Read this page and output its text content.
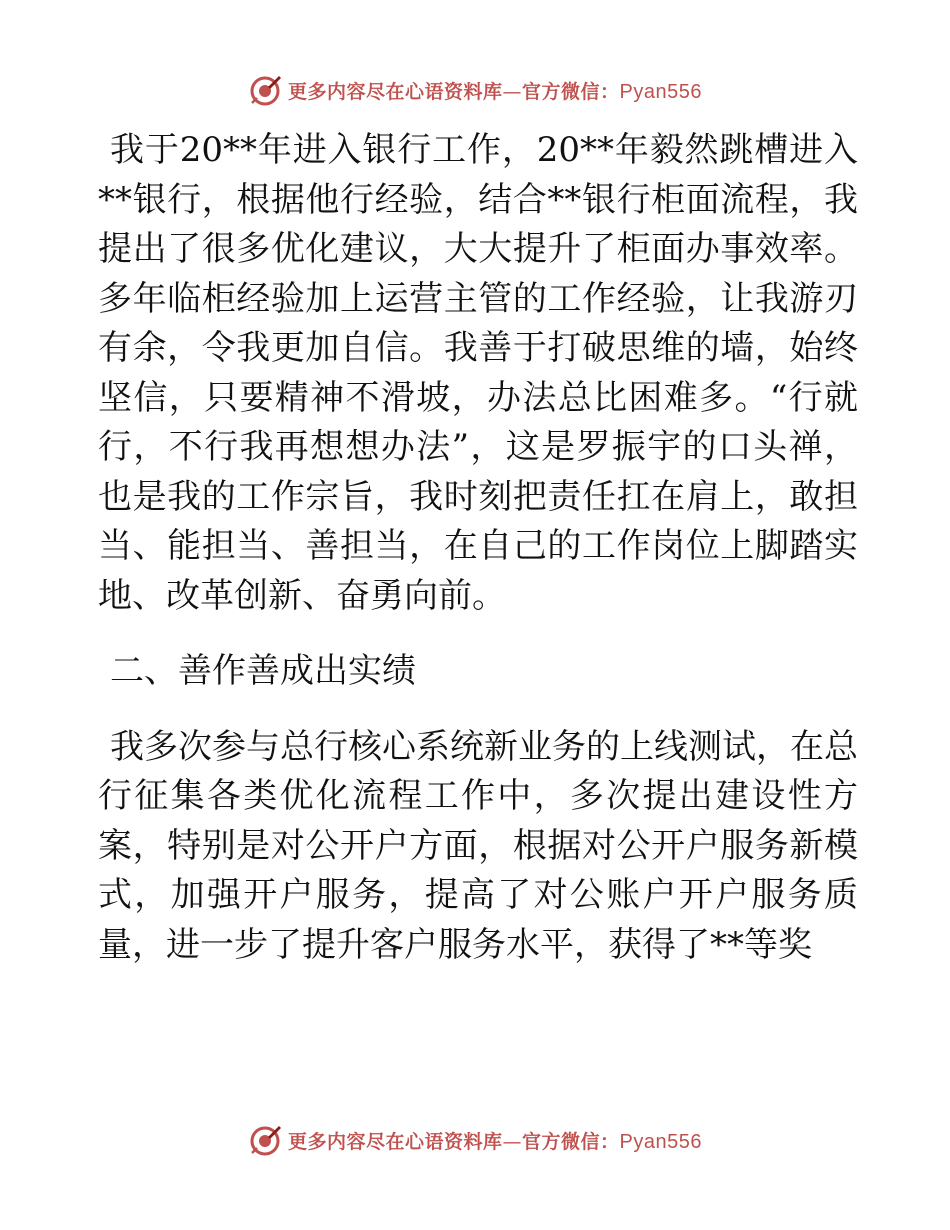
更多内容尽在心语资料库—官方微信：Pyan556

我于20**年进入银行工作，20**年毅然跳槽进入**银行，根据他行经验，结合**银行柜面流程，我提出了很多优化建议，大大提升了柜面办事效率。多年临柜经验加上运营主管的工作经验，让我游刃有余，令我更加自信。我善于打破思维的墙，始终坚信，只要精神不滑坡，办法总比困难多。“行就行，不行我再想想办法”，这是罗振宇的口头禅，也是我的工作宗旨，我时刻把责任扛在肩上，敢担当、能担当、善担当，在自己的工作岗位上脚踏实地、改革创新、奋勇向前。

二、善作善成出实绩

我多次参与总行核心系统新业务的上线测试，在总行征集各类优化流程工作中，多次提出建设性方案，特别是对公开户方面，根据对公开户服务新模式，加强开户服务，提高了对公账户开户服务质量，进一步了提升客户服务水平，获得了**等奖

更多内容尽在心语资料库—官方微信：Pyan556
